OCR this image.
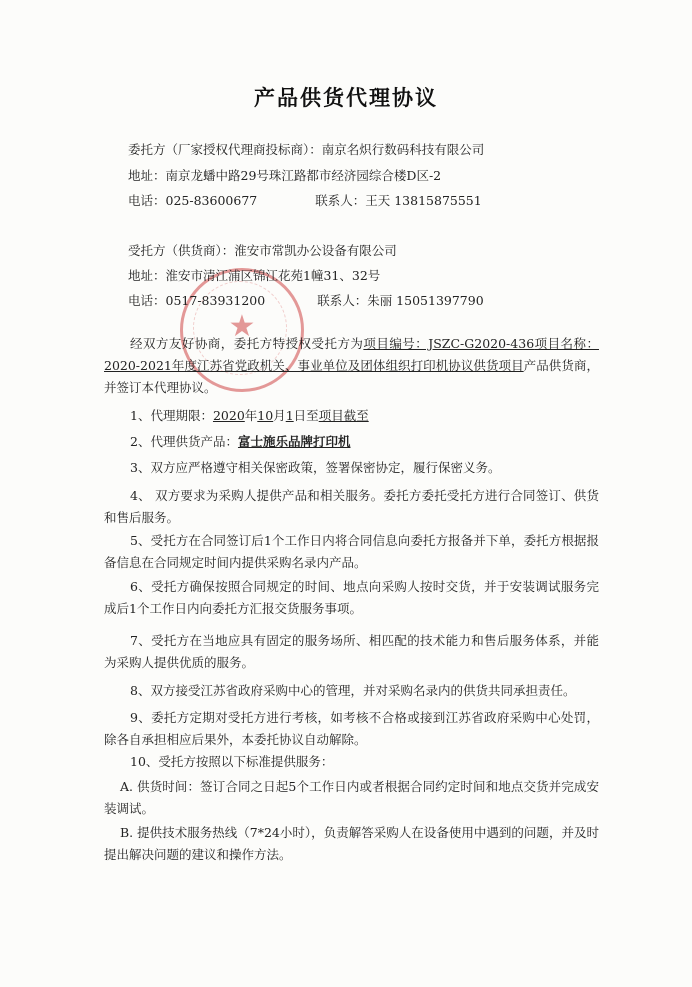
★
产品供货代理协议
委托方（厂家授权代理商投标商）：南京名炽行数码科技有限公司
地址：南京龙蟠中路29号珠江路都市经济园综合楼D区-2
电话：025-83600677	联系人：王天 13815875551
受托方（供货商）：淮安市常凯办公设备有限公司
地址：淮安市清江浦区锦江花苑1幢31、32号
电话：0517-83931200	联系人：朱丽 15051397790
经双方友好协商，委托方特授权受托方为项目编号：JSZC-G2020-436项目名称：2020-2021年度江苏省党政机关、事业单位及团体组织打印机协议供货项目产品供货商，并签订本代理协议。
1、代理期限：2020年10月1日至项目截至
2、代理供货产品：富士施乐品牌打印机
3、双方应严格遵守相关保密政策，签署保密协定，履行保密义务。
4、 双方要求为采购人提供产品和相关服务。委托方委托受托方进行合同签订、供货和售后服务。
5、受托方在合同签订后1个工作日内将合同信息向委托方报备并下单，委托方根据报备信息在合同规定时间内提供采购名录内产品。
6、受托方确保按照合同规定的时间、地点向采购人按时交货，并于安装调试服务完成后1个工作日内向委托方汇报交货服务事项。
7、受托方在当地应具有固定的服务场所、相匹配的技术能力和售后服务体系，并能为采购人提供优质的服务。
8、双方接受江苏省政府采购中心的管理，并对采购名录内的供货共同承担责任。
9、委托方定期对受托方进行考核，如考核不合格或接到江苏省政府采购中心处罚，除各自承担相应后果外，本委托协议自动解除。
10、受托方按照以下标准提供服务：
A. 供货时间：签订合同之日起5个工作日内或者根据合同约定时间和地点交货并完成安装调试。
B. 提供技术服务热线（7*24小时），负责解答采购人在设备使用中遇到的问题，并及时提出解决问题的建议和操作方法。
